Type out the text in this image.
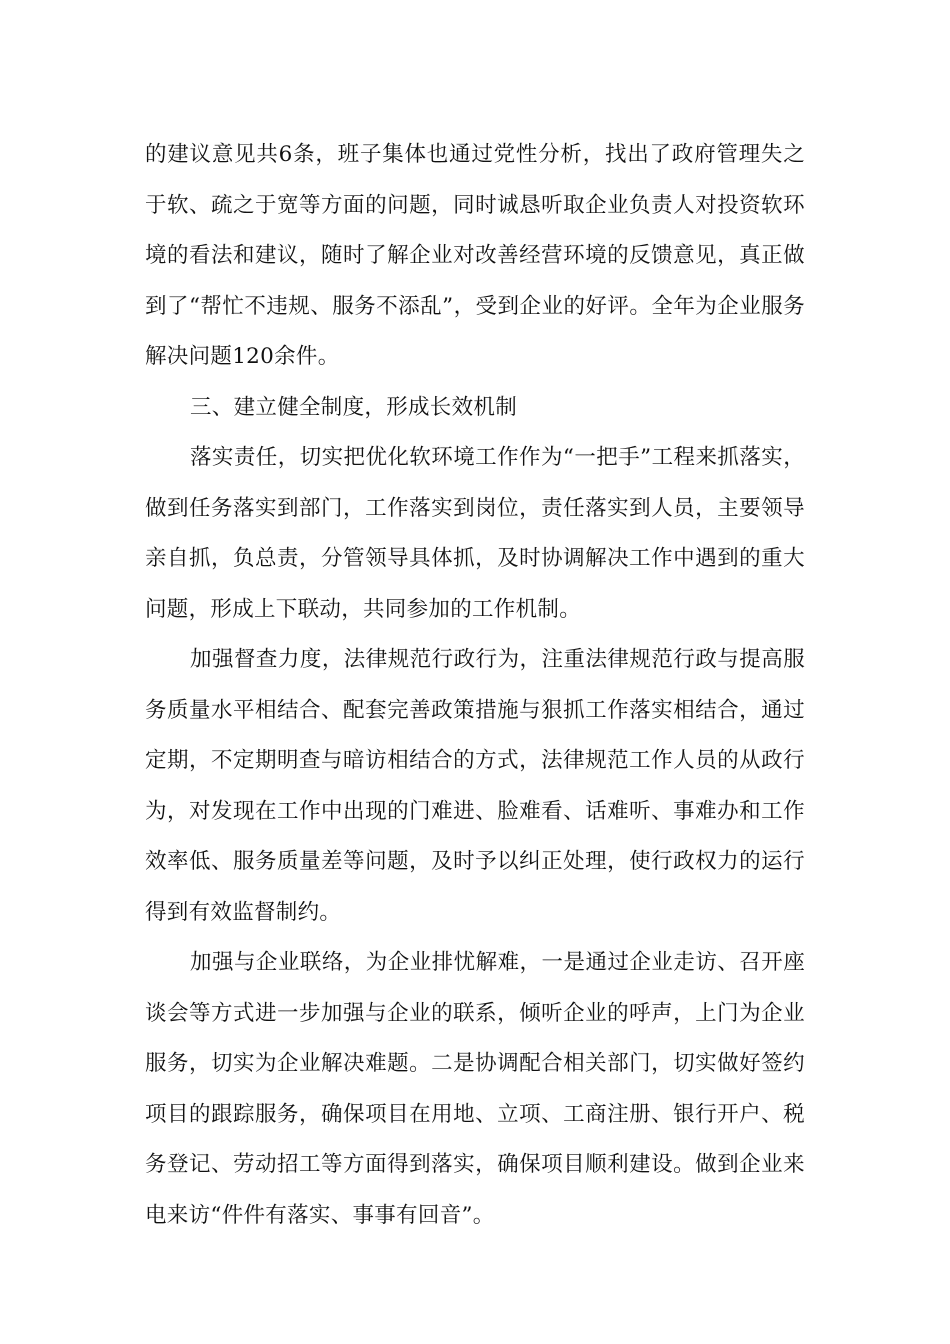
的建议意见共6条，班子集体也通过党性分析，找出了政府管理失之于软、疏之于宽等方面的问题，同时诚恳听取企业负责人对投资软环境的看法和建议，随时了解企业对改善经营环境的反馈意见，真正做到了“帮忙不违规、服务不添乱”，受到企业的好评。全年为企业服务解决问题120余件。

三、建立健全制度，形成长效机制

落实责任，切实把优化软环境工作作为“一把手”工程来抓落实，做到任务落实到部门，工作落实到岗位，责任落实到人员，主要领导亲自抓，负总责，分管领导具体抓，及时协调解决工作中遇到的重大问题，形成上下联动，共同参加的工作机制。

加强督查力度，法律规范行政行为，注重法律规范行政与提高服务质量水平相结合、配套完善政策措施与狠抓工作落实相结合，通过定期，不定期明查与暗访相结合的方式，法律规范工作人员的从政行为，对发现在工作中出现的门难进、脸难看、话难听、事难办和工作效率低、服务质量差等问题，及时予以纠正处理，使行政权力的运行得到有效监督制约。

加强与企业联络，为企业排忧解难，一是通过企业走访、召开座谈会等方式进一步加强与企业的联系，倾听企业的呼声，上门为企业服务，切实为企业解决难题。二是协调配合相关部门，切实做好签约项目的跟踪服务，确保项目在用地、立项、工商注册、银行开户、税务登记、劳动招工等方面得到落实，确保项目顺利建设。做到企业来电来访“件件有落实、事事有回音”。
